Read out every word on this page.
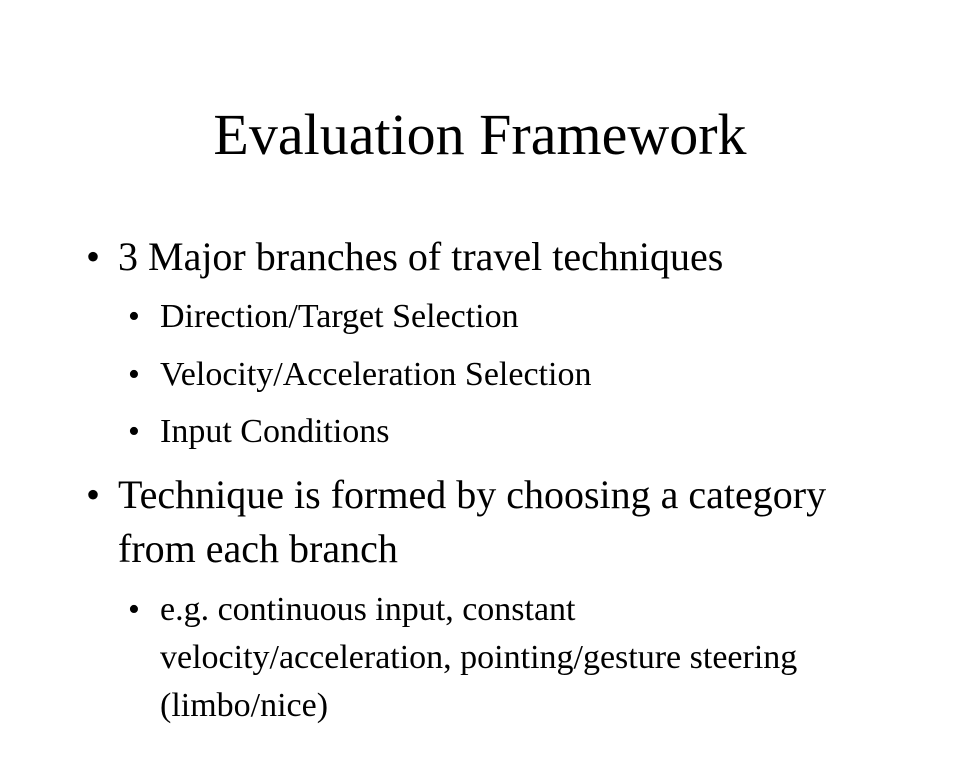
Evaluation Framework
• 3 Major branches of travel techniques
• Direction/Target Selection
• Velocity/Acceleration Selection
• Input Conditions
• Technique is formed by choosing a category
from each branch
• e.g. continuous input, constant
velocity/acceleration, pointing/gesture steering
(limbo/nice)
